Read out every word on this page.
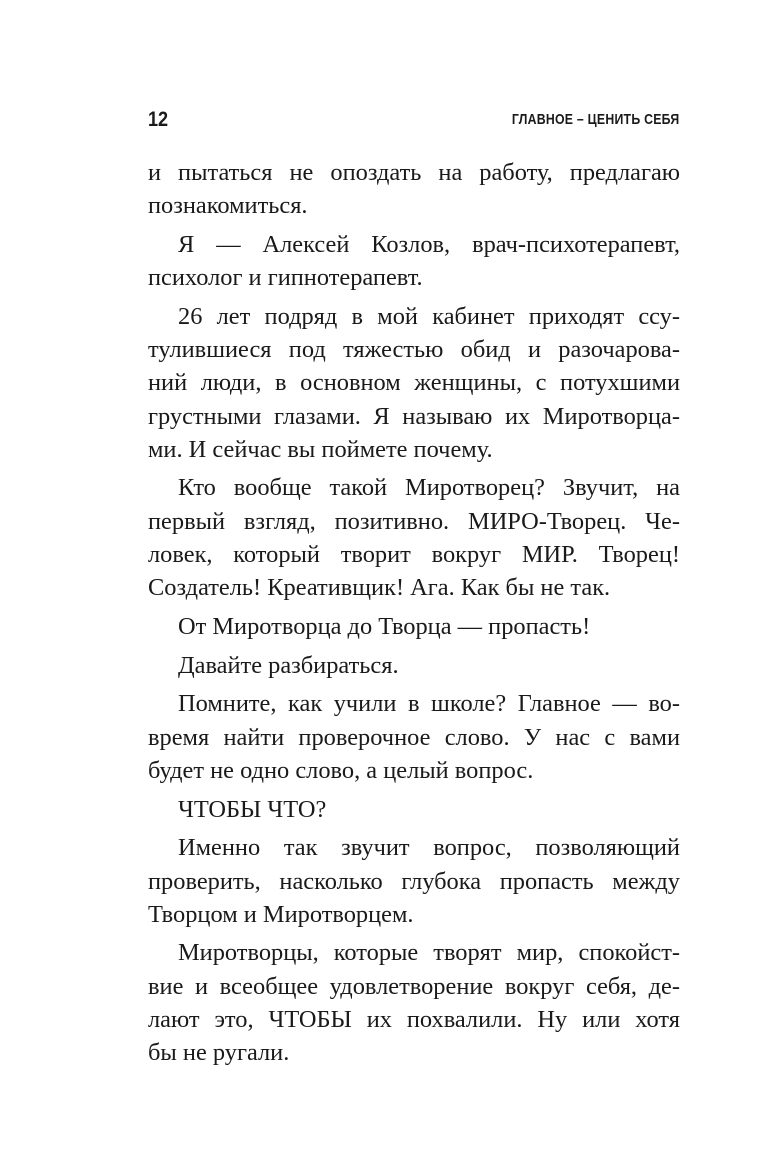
12	ГЛАВНОЕ – ЦЕНИТЬ СЕБЯ
и пытаться не опоздать на работу, предлагаю
познакомиться.
Я — Алексей Козлов, врач-психотерапевт,
психолог и гипнотерапевт.
26 лет подряд в мой кабинет приходят ссу-
тулившиеся под тяжестью обид и разочарова-
ний люди, в основном женщины, с потухшими
грустными глазами. Я называю их Миротворца-
ми. И сейчас вы поймете почему.
Кто вообще такой Миротворец? Звучит, на
первый взгляд, позитивно. МИРО-Творец. Че-
ловек, который творит вокруг МИР. Творец!
Создатель! Креативщик! Ага. Как бы не так.
От Миротворца до Творца — пропасть!
Давайте разбираться.
Помните, как учили в школе? Главное — во-
время найти проверочное слово. У нас с вами
будет не одно слово, а целый вопрос.
ЧТОБЫ ЧТО?
Именно так звучит вопрос, позволяющий
проверить, насколько глубока пропасть между
Творцом и Миротворцем.
Миротворцы, которые творят мир, спокойст-
вие и всеобщее удовлетворение вокруг себя, де-
лают это, ЧТОБЫ их похвалили. Ну или хотя
бы не ругали.
